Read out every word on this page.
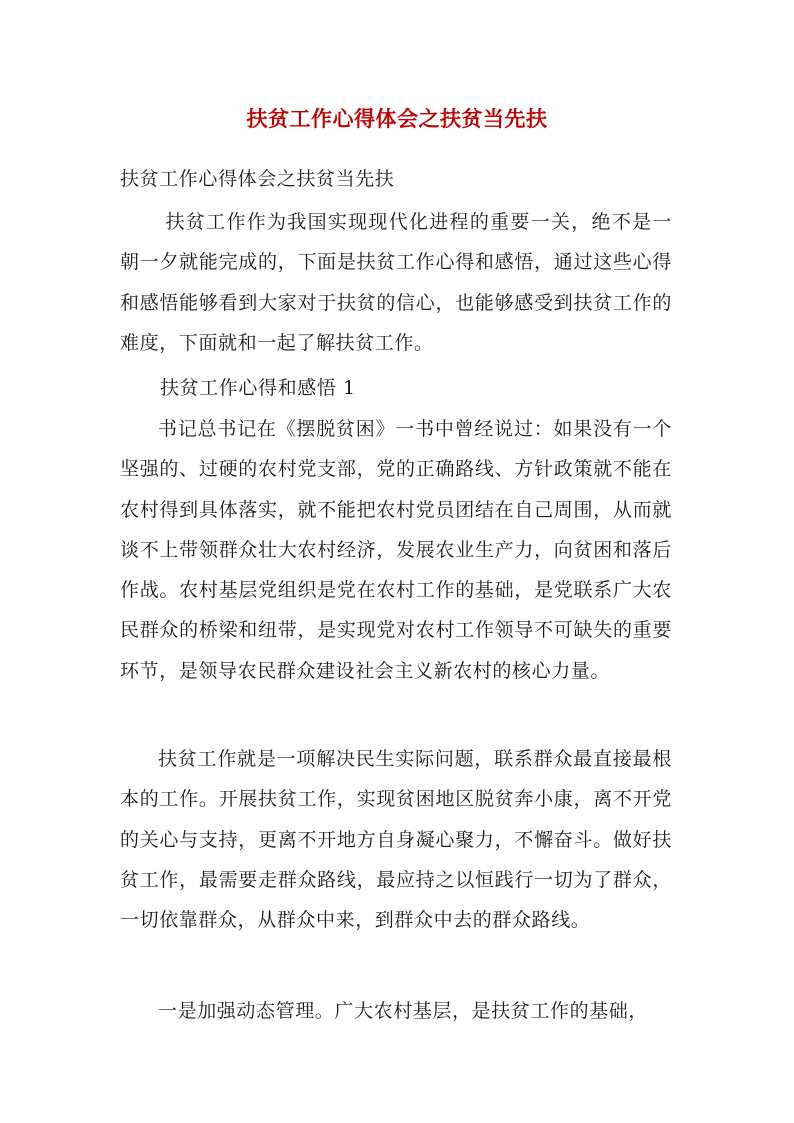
扶贫工作心得体会之扶贫当先扶

扶贫工作心得体会之扶贫当先扶

扶贫工作作为我国实现现代化进程的重要一关，绝不是一朝一夕就能完成的，下面是扶贫工作心得和感悟，通过这些心得和感悟能够看到大家对于扶贫的信心，也能够感受到扶贫工作的难度，下面就和一起了解扶贫工作。

扶贫工作心得和感悟 1

书记总书记在《摆脱贫困》一书中曾经说过：如果没有一个坚强的、过硬的农村党支部，党的正确路线、方针政策就不能在农村得到具体落实，就不能把农村党员团结在自己周围，从而就谈不上带领群众壮大农村经济，发展农业生产力，向贫困和落后作战。农村基层党组织是党在农村工作的基础，是党联系广大农民群众的桥梁和纽带，是实现党对农村工作领导不可缺失的重要环节，是领导农民群众建设社会主义新农村的核心力量。

扶贫工作就是一项解决民生实际问题，联系群众最直接最根本的工作。开展扶贫工作，实现贫困地区脱贫奔小康，离不开党的关心与支持，更离不开地方自身凝心聚力，不懈奋斗。做好扶贫工作，最需要走群众路线，最应持之以恒践行一切为了群众，一切依靠群众，从群众中来，到群众中去的群众路线。

一是加强动态管理。广大农村基层，是扶贫工作的基础，
